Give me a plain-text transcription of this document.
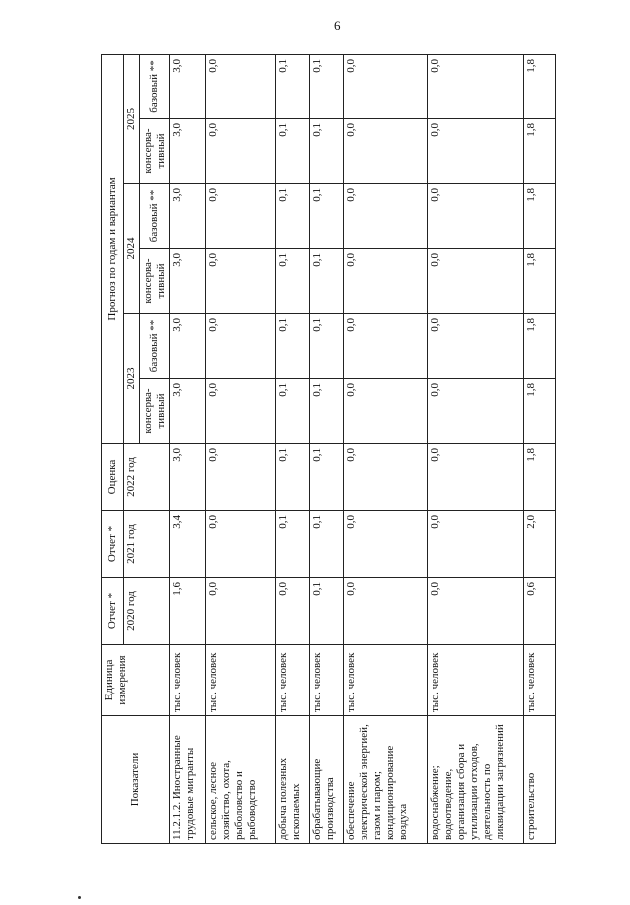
6
Показатели	Единица измерения	Отчет *	Отчет *	Оценка	Прогноз по годам и вариантам					
		2020 год	2021 год	2022 год	2023		2024		2025	
					консерва-тивный	базовый **	консерва-тивный	базовый **	консерва-тивный	базовый **
11.2.1.2. Иностранные трудовые мигранты	тыс. человек	1,6	3,4	3,0	3,0	3,0	3,0	3,0	3,0	3,0
сельское, лесное хозяйство, охота, рыболовство и рыбоводство	тыс. человек	0,0	0,0	0,0	0,0	0,0	0,0	0,0	0,0	0,0
добыча полезных ископаемых	тыс. человек	0,0	0,1	0,1	0,1	0,1	0,1	0,1	0,1	0,1
обрабатывающие производства	тыс. человек	0,1	0,1	0,1	0,1	0,1	0,1	0,1	0,1	0,1
обеспечение электрической энергией, газом и паром; кондиционирование воздуха	тыс. человек	0,0	0,0	0,0	0,0	0,0	0,0	0,0	0,0	0,0
водоснабжение; водоотведение, организация сбора и утилизации отходов, деятельность по ликвидации загрязнений	тыс. человек	0,0	0,0	0,0	0,0	0,0	0,0	0,0	0,0	0,0
строительство	тыс. человек	0,6	2,0	1,8	1,8	1,8	1,8	1,8	1,8	1,8
